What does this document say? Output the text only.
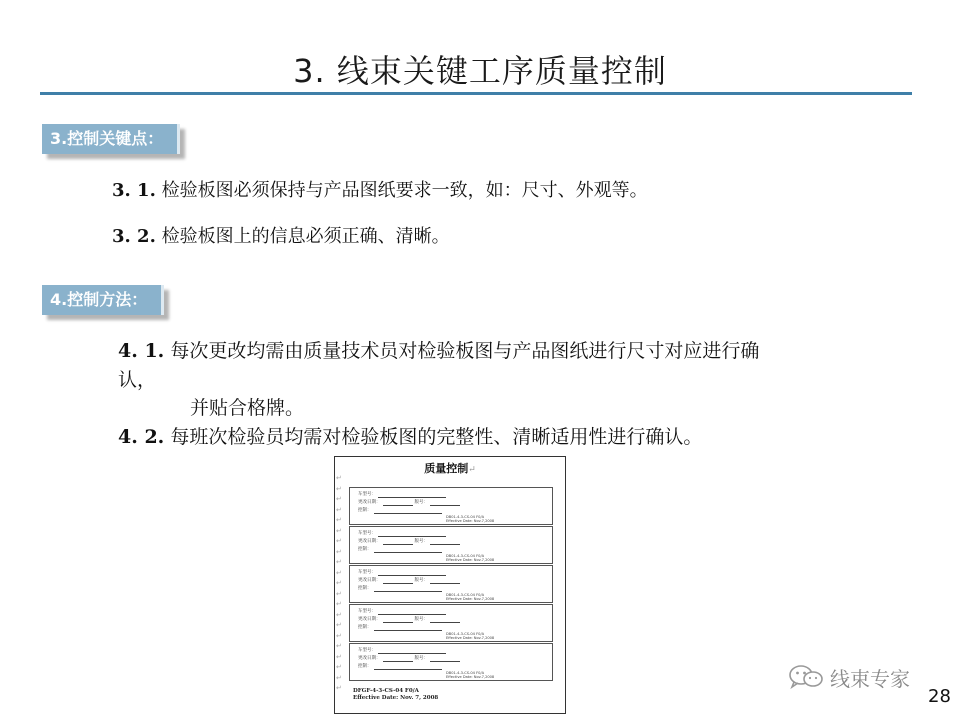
3. 线束关键工序质量控制
3.控制关键点：
3. 1. 检验板图必须保持与产品图纸要求一致，如：尺寸、外观等。
3. 2. 检验板图上的信息必须正确、清晰。
4.控制方法：
4. 1. 每次更改均需由质量技术员对检验板图与产品图纸进行尺寸对应进行确认，
并贴合格牌。
4. 2. 每班次检验员均需对检验板图的完整性、清晰适用性进行确认。
质量控制↵
↵
↵
↵
↵
↵
↵
↵
↵
↵
↵
↵
↵
↵
↵
↵
↵
↵
↵
↵
↵
↵
车型号：
更改日期：	版号：
控制：
DB01-4-3-CS-04 F0/A
Effective Date: Nov.7,2008
车型号：
更改日期：	版号：
控制：
DB01-4-3-CS-04 F0/A
Effective Date: Nov.7,2008
车型号：
更改日期：	版号：
控制：
DB01-4-3-CS-04 F0/A
Effective Date: Nov.7,2008
车型号：
更改日期：	版号：
控制：
DB01-4-3-CS-04 F0/A
Effective Date: Nov.7,2008
车型号：
更改日期：	版号：
控制：
DB01-4-3-CS-04 F0/A
Effective Date: Nov.7,2008
DFGF-4-3-CS-04 F0/A
Effective Date: Nov. 7, 2008
线束专家
28
